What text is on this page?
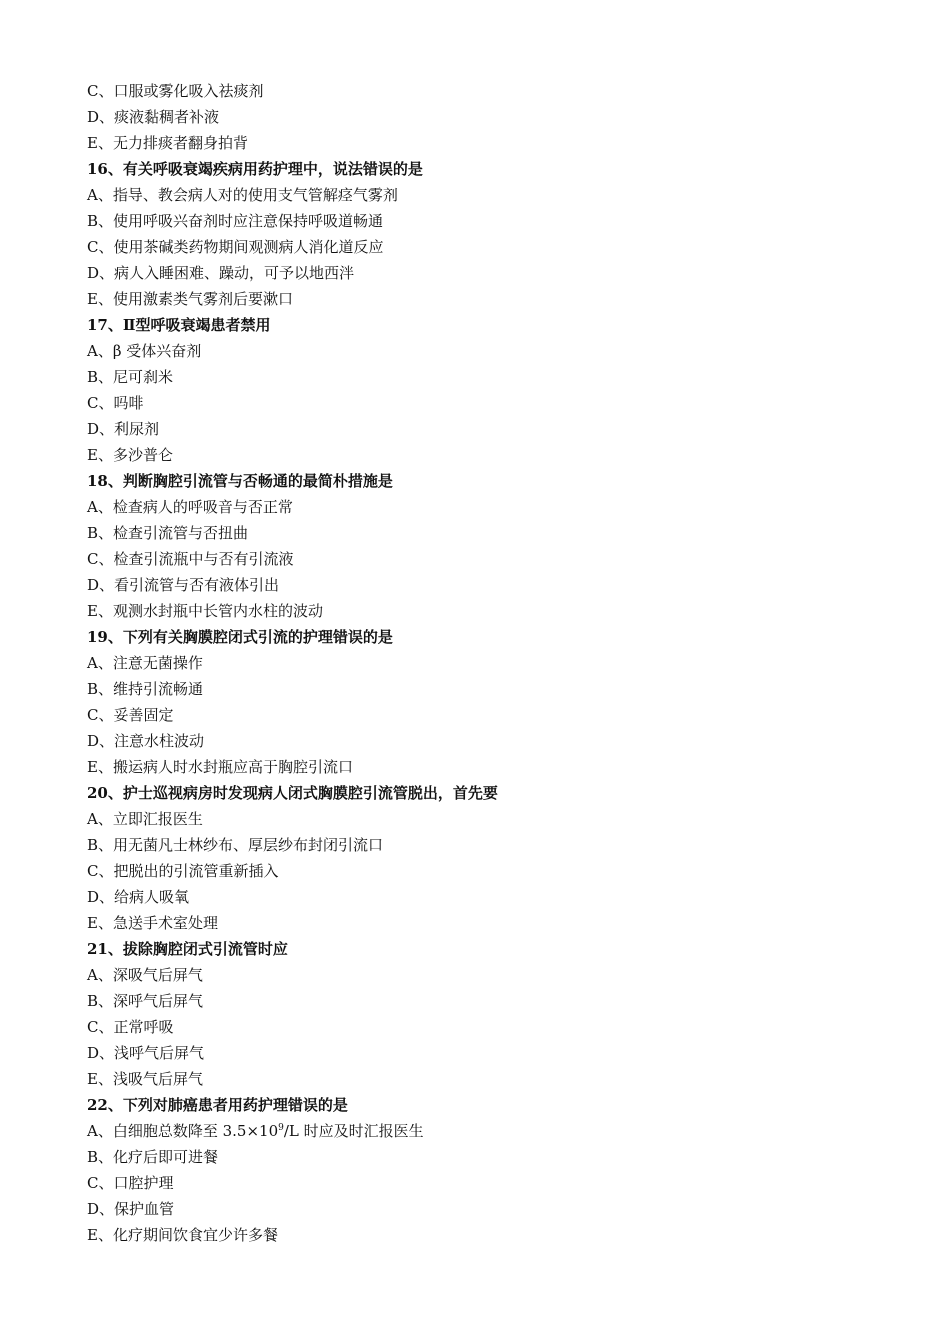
C、口服或雾化吸入祛痰剂
D、痰液黏稠者补液
E、无力排痰者翻身拍背
16、有关呼吸衰竭疾病用药护理中，说法错误的是
A、指导、教会病人对的使用支气管解痉气雾剂
B、使用呼吸兴奋剂时应注意保持呼吸道畅通
C、使用茶碱类药物期间观测病人消化道反应
D、病人入睡困难、躁动，可予以地西泮
E、使用激素类气雾剂后要漱口
17、Ⅱ型呼吸衰竭患者禁用
A、β 受体兴奋剂
B、尼可刹米
C、吗啡
D、利尿剂
E、多沙普仑
18、判断胸腔引流管与否畅通的最简朴措施是
A、检查病人的呼吸音与否正常
B、检查引流管与否扭曲
C、检查引流瓶中与否有引流液
D、看引流管与否有液体引出
E、观测水封瓶中长管内水柱的波动
19、下列有关胸膜腔闭式引流的护理错误的是
A、注意无菌操作
B、维持引流畅通
C、妥善固定
D、注意水柱波动
E、搬运病人时水封瓶应高于胸腔引流口
20、护士巡视病房时发现病人闭式胸膜腔引流管脱出，首先要
A、立即汇报医生
B、用无菌凡士林纱布、厚层纱布封闭引流口
C、把脱出的引流管重新插入
D、给病人吸氧
E、急送手术室处理
21、拔除胸腔闭式引流管时应
A、深吸气后屏气
B、深呼气后屏气
C、正常呼吸
D、浅呼气后屏气
E、浅吸气后屏气
22、下列对肺癌患者用药护理错误的是
A、白细胞总数降至 $3.5\times 10^9/L$ 时应及时汇报医生
B、化疗后即可进餐
C、口腔护理
D、保护血管
E、化疗期间饮食宜少许多餐
